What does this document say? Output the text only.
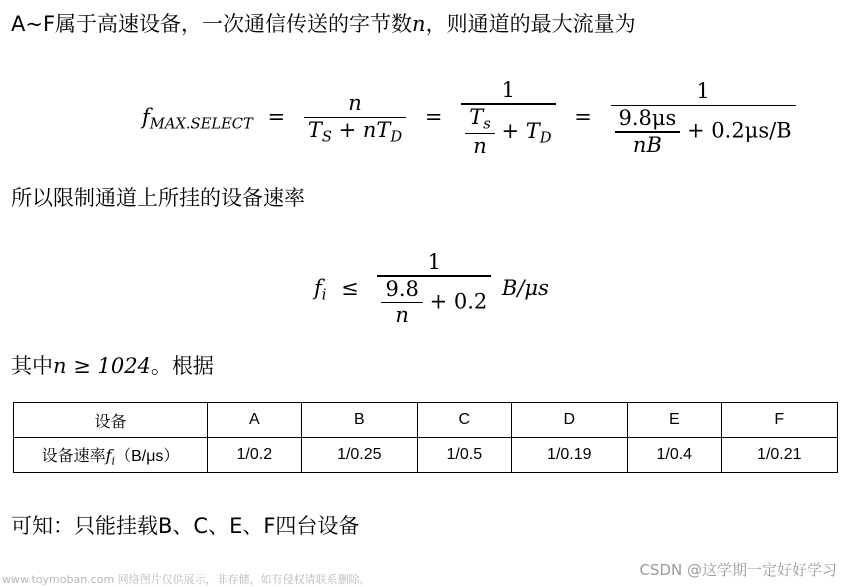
A~F属于高速设备，一次通信传送的字节数n，则通道的最大流量为
$f_{MAX.SELECT} = \frac{n}{T_S + nT_D} = \frac{1}{\frac{T_s}{n} + T_D} = \frac{1}{\frac{9.8\mu s}{nB} + 0.2\mu s/B}$
所以限制通道上所挂的设备速率
$f_i \le \frac{1}{\frac{9.8}{n} + 0.2} B/\mu s$
其中n ≥ 1024。根据
设备	A	B	C	D	E	F
设备速率$f_i(B/\mu s)$	1/0.2	1/0.25	1/0.5	1/0.19	1/0.4	1/0.21
可知：只能挂载B、C、E、F四台设备
www.toymoban.com 网络图片仅供展示，非存储，如有侵权请联系删除。
CSDN @这学期一定好好学习
